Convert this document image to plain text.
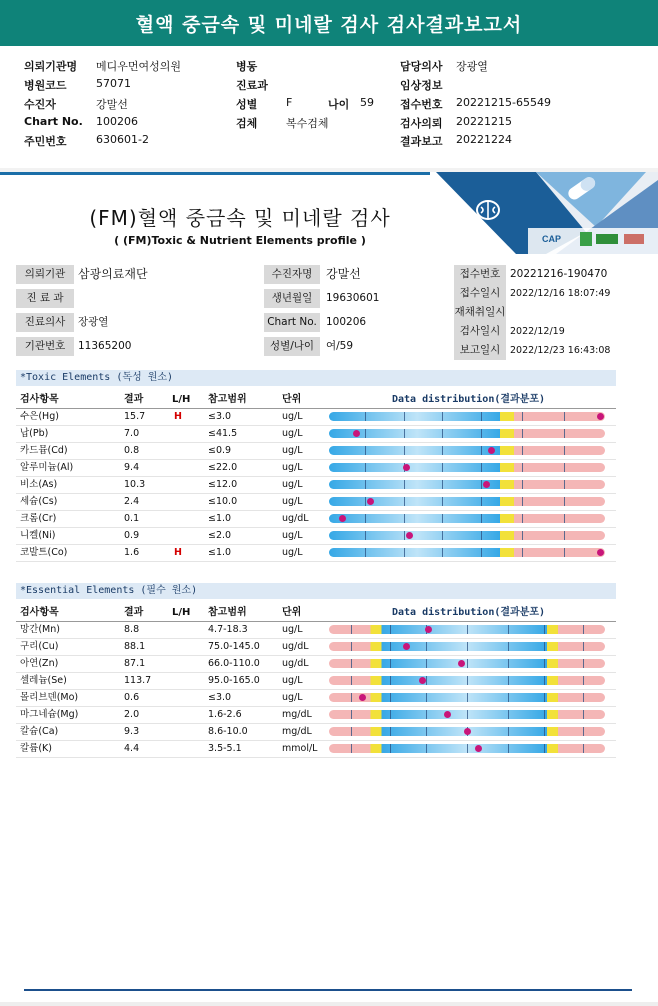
혈액 중금속 및 미네랄 검사 검사결과보고서
의뢰기관명 메디우먼여성의원
병원코드	57071
수진자	강말선
Chart No. 100206
주민번호	630601-2
병동
진료과
성별	F
검체	복수검체
나이 59
담당의사 장광열
임상정보
접수번호 20221215-65549
검사의뢰 20221215
결과보고 20221224
CAP
(FM)혈액 중금속 및 미네랄 검사
( (FM)Toxic & Nutrient Elements profile )
의뢰기관	삼광의료재단
진 료 과
진료의사	장광열
기관번호	11365200
수진자명	강말선
생년월일	19630601
Chart No. 100206
성별/나이	여/59
접수번호 20221216-190470
접수일시	2022/12/16 18:07:49
재채취일시
검사일시	2022/12/19
보고일시	2022/12/23 16:43:08
*Toxic Elements (독성 원소)
검사항목	결과	L/H 참고범위	단위	Data distribution(결과분포)
수은(Hg)	15.7	H	≤3.0	ug/L
납(Pb)	7.0	≤41.5	ug/L
카드뮴(Cd)	0.8	≤0.9	ug/L
알루미늄(Al)	9.4	≤22.0	ug/L
비소(As)	10.3	≤12.0	ug/L
세슘(Cs)	2.4	≤10.0	ug/L
크롬(Cr)	0.1	≤1.0	ug/dL
니켈(Ni)	0.9	≤2.0	ug/L
코발트(Co)	1.6	H	≤1.0	ug/L
*Essential Elements (필수 원소)
검사항목	결과	L/H 참고범위	단위	Data distribution(결과분포)
망간(Mn)	8.8	4.7-18.3	ug/L
구리(Cu)	88.1	75.0-145.0 ug/dL
아연(Zn)	87.1	66.0-110.0 ug/dL
셀레늄(Se)	113.7	95.0-165.0 ug/L
몰리브덴(Mo)	0.6	≤3.0	ug/L
마그네슘(Mg)	2.0	1.6-2.6	mg/dL
칼슘(Ca)	9.3	8.6-10.0	mg/dL
칼륨(K)	4.4	3.5-5.1	mmol/L
